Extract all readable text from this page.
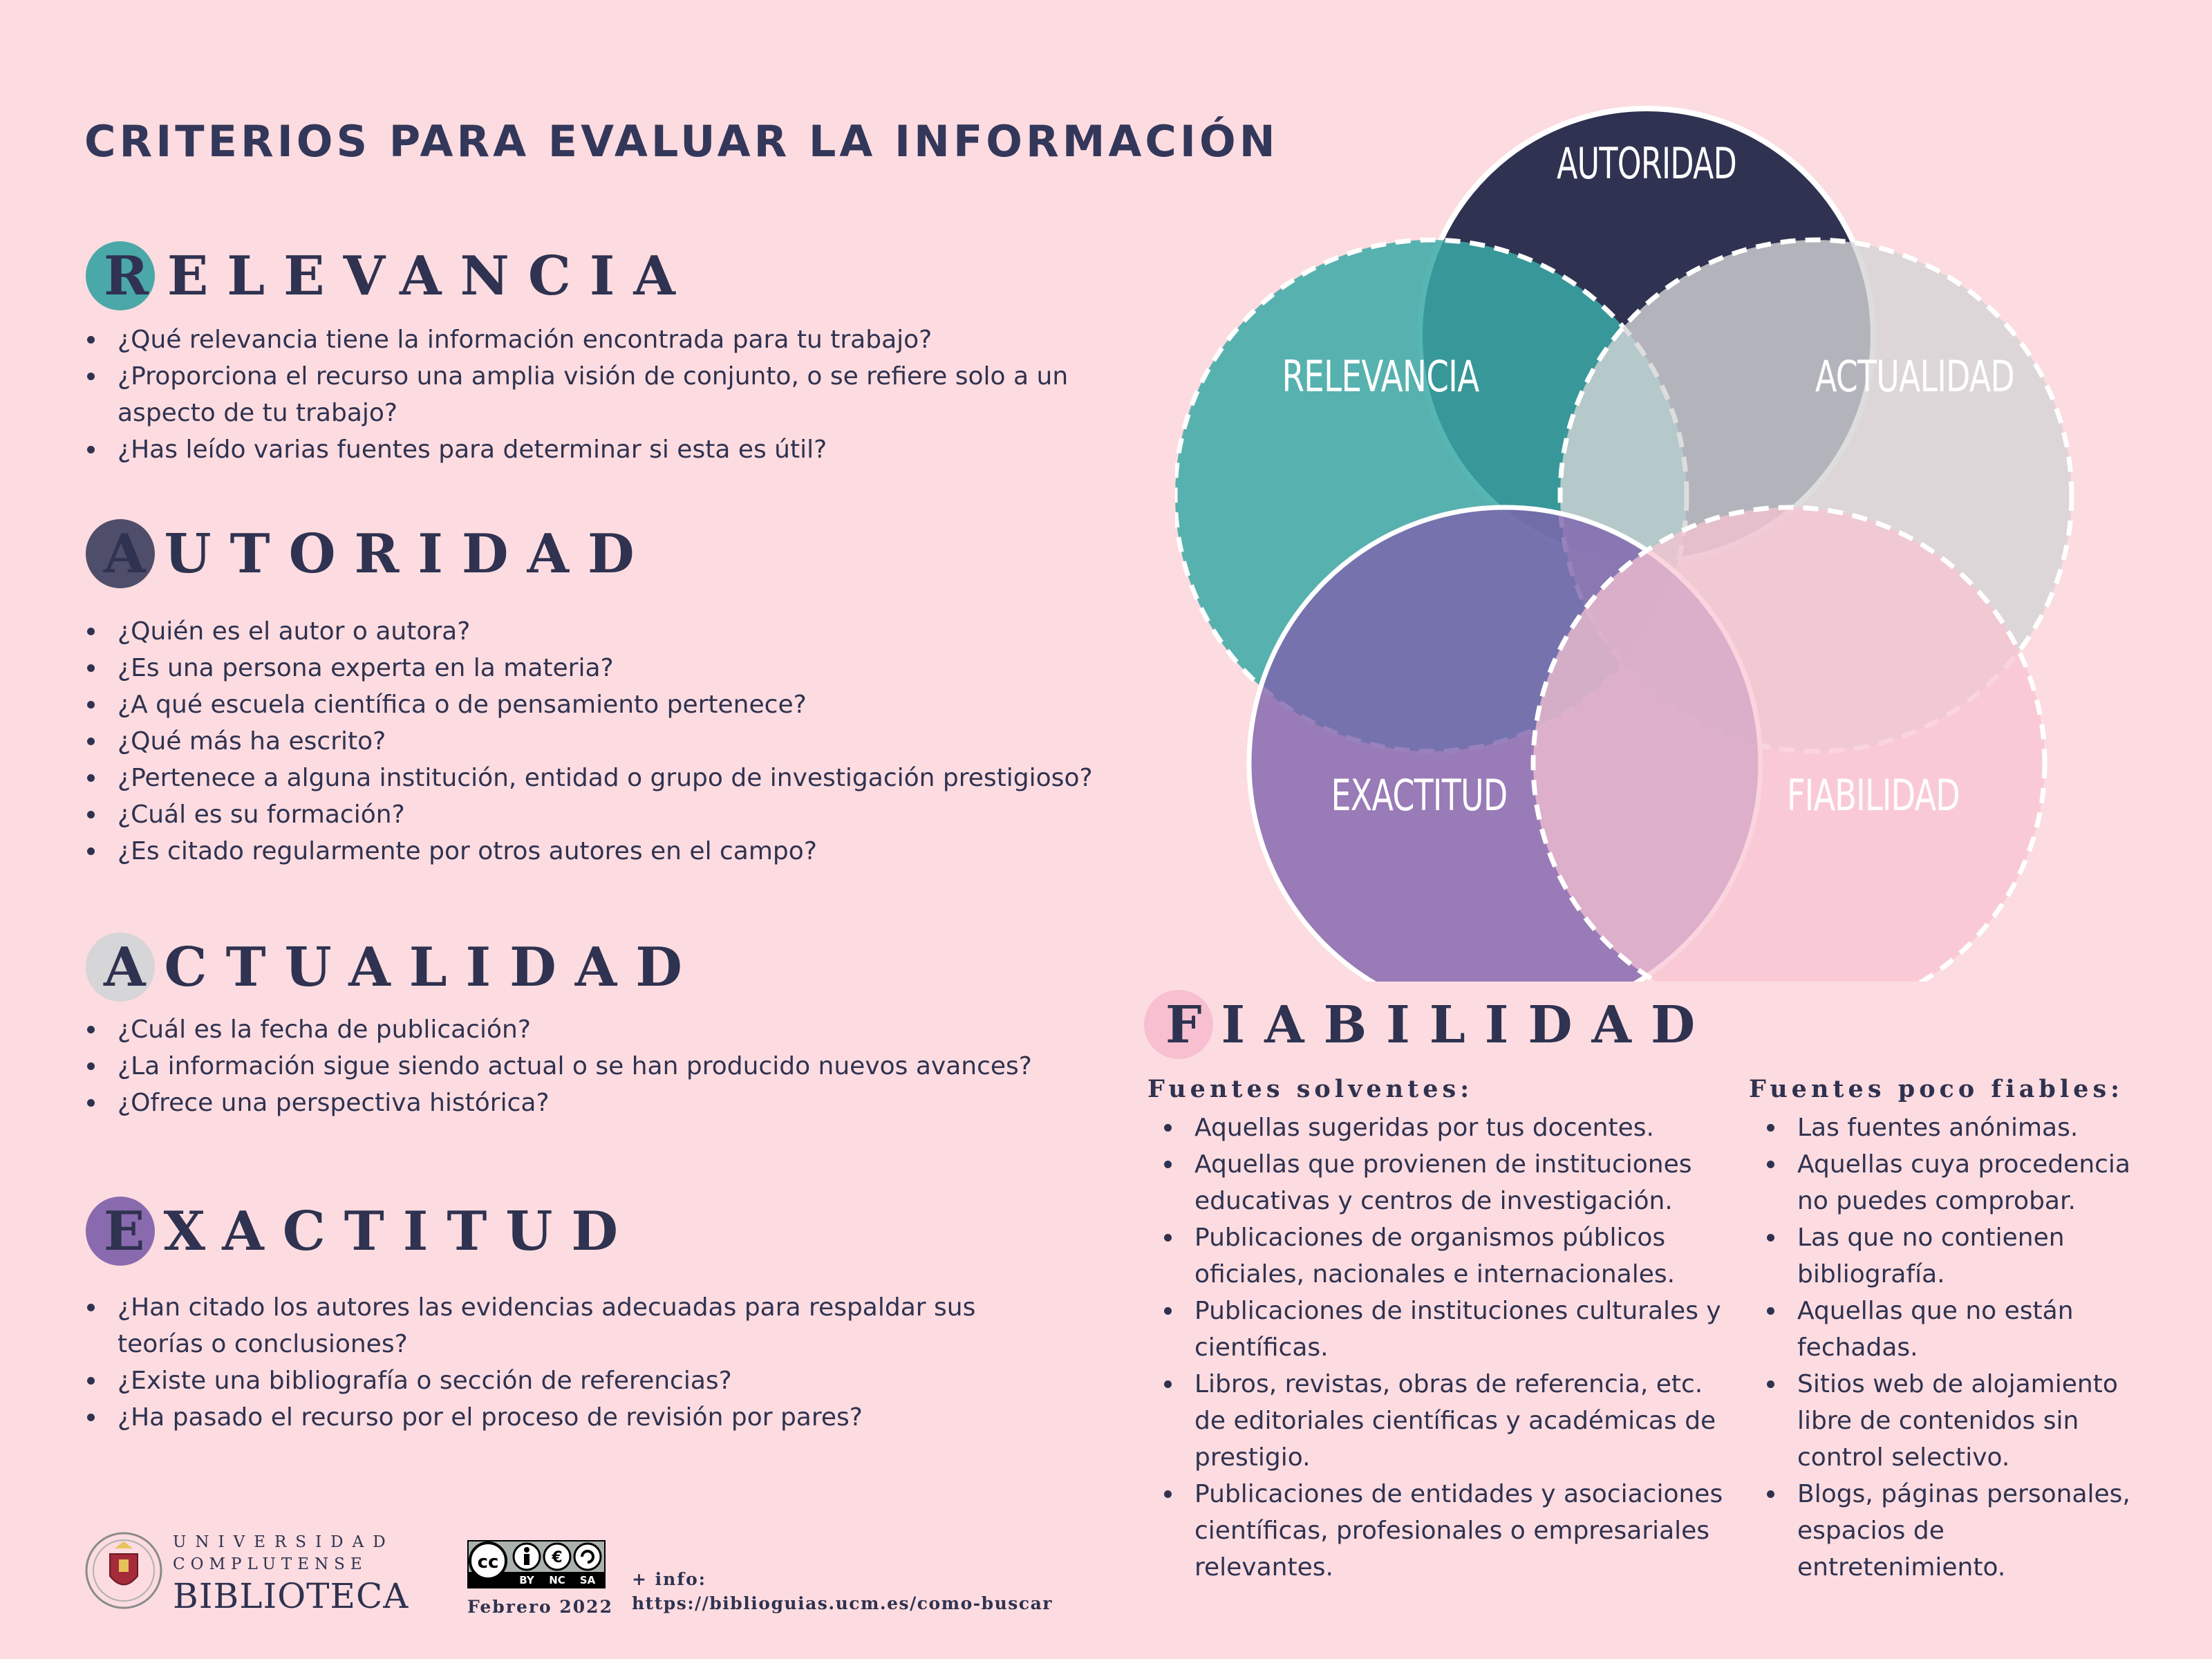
CRITERIOS PARA EVALUAR LA INFORMACIÓN
RELEVANCIA
¿Qué relevancia tiene la información encontrada para tu trabajo?
¿Proporciona el recurso una amplia visión de conjunto, o se refiere solo a un aspecto de tu trabajo?
¿Has leído varias fuentes para determinar si esta es útil?
AUTORIDAD
¿Quién es el autor o autora?
¿Es una persona experta en la materia?
¿A qué escuela científica o de pensamiento pertenece?
¿Qué más ha escrito?
¿Pertenece a alguna institución, entidad o grupo de investigación prestigioso?
¿Cuál es su formación?
¿Es citado regularmente por otros autores en el campo?
ACTUALIDAD
¿Cuál es la fecha de publicación?
¿La información sigue siendo actual o se han producido nuevos avances?
¿Ofrece una perspectiva histórica?
EXACTITUD
¿Han citado los autores las evidencias adecuadas para respaldar sus teorías o conclusiones?
¿Existe una bibliografía o sección de referencias?
¿Ha pasado el recurso por el proceso de revisión por pares?
AUTORIDAD
RELEVANCIA	ACTUALIDAD
EXACTITUD	FIABILIDAD
FIABILIDAD
Fuentes solventes:
Aquellas sugeridas por tus docentes.
Aquellas que provienen de instituciones educativas y centros de investigación.
Publicaciones de organismos públicos oficiales, nacionales e internacionales.
Publicaciones de instituciones culturales y científicas.
Libros, revistas, obras de referencia, etc. de editoriales científicas y académicas de prestigio.
Publicaciones de entidades y asociaciones científicas, profesionales o empresariales relevantes.
Fuentes poco fiables:
Las fuentes anónimas.
Aquellas cuya procedencia no puedes comprobar.
Las que no contienen bibliografía.
Aquellas que no están fechadas.
Sitios web de alojamiento libre de contenidos sin control selectivo.
Blogs, páginas personales, espacios de entretenimiento.
UNIVERSIDAD
COMPLUTENSE
BIBLIOTECA
cc	€
BY NC SA
Febrero 2022
+ info:
https://biblioguias.ucm.es/como-buscar
